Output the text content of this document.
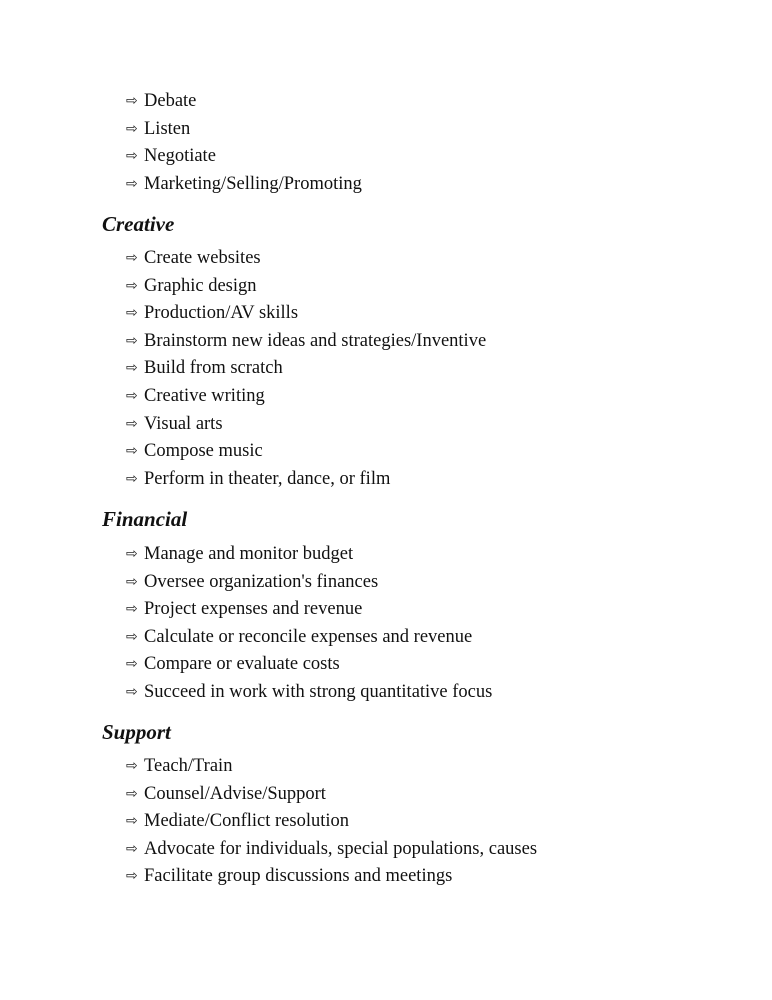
⇨ Debate
⇨ Listen
⇨ Negotiate
⇨ Marketing/Selling/Promoting
Creative
⇨ Create websites
⇨ Graphic design
⇨ Production/AV skills
⇨ Brainstorm new ideas and strategies/Inventive
⇨ Build from scratch
⇨ Creative writing
⇨ Visual arts
⇨ Compose music
⇨ Perform in theater, dance, or film
Financial
⇨ Manage and monitor budget
⇨ Oversee organization's finances
⇨ Project expenses and revenue
⇨ Calculate or reconcile expenses and revenue
⇨ Compare or evaluate costs
⇨ Succeed in work with strong quantitative focus
Support
⇨ Teach/Train
⇨ Counsel/Advise/Support
⇨ Mediate/Conflict resolution
⇨ Advocate for individuals, special populations, causes
⇨ Facilitate group discussions and meetings
